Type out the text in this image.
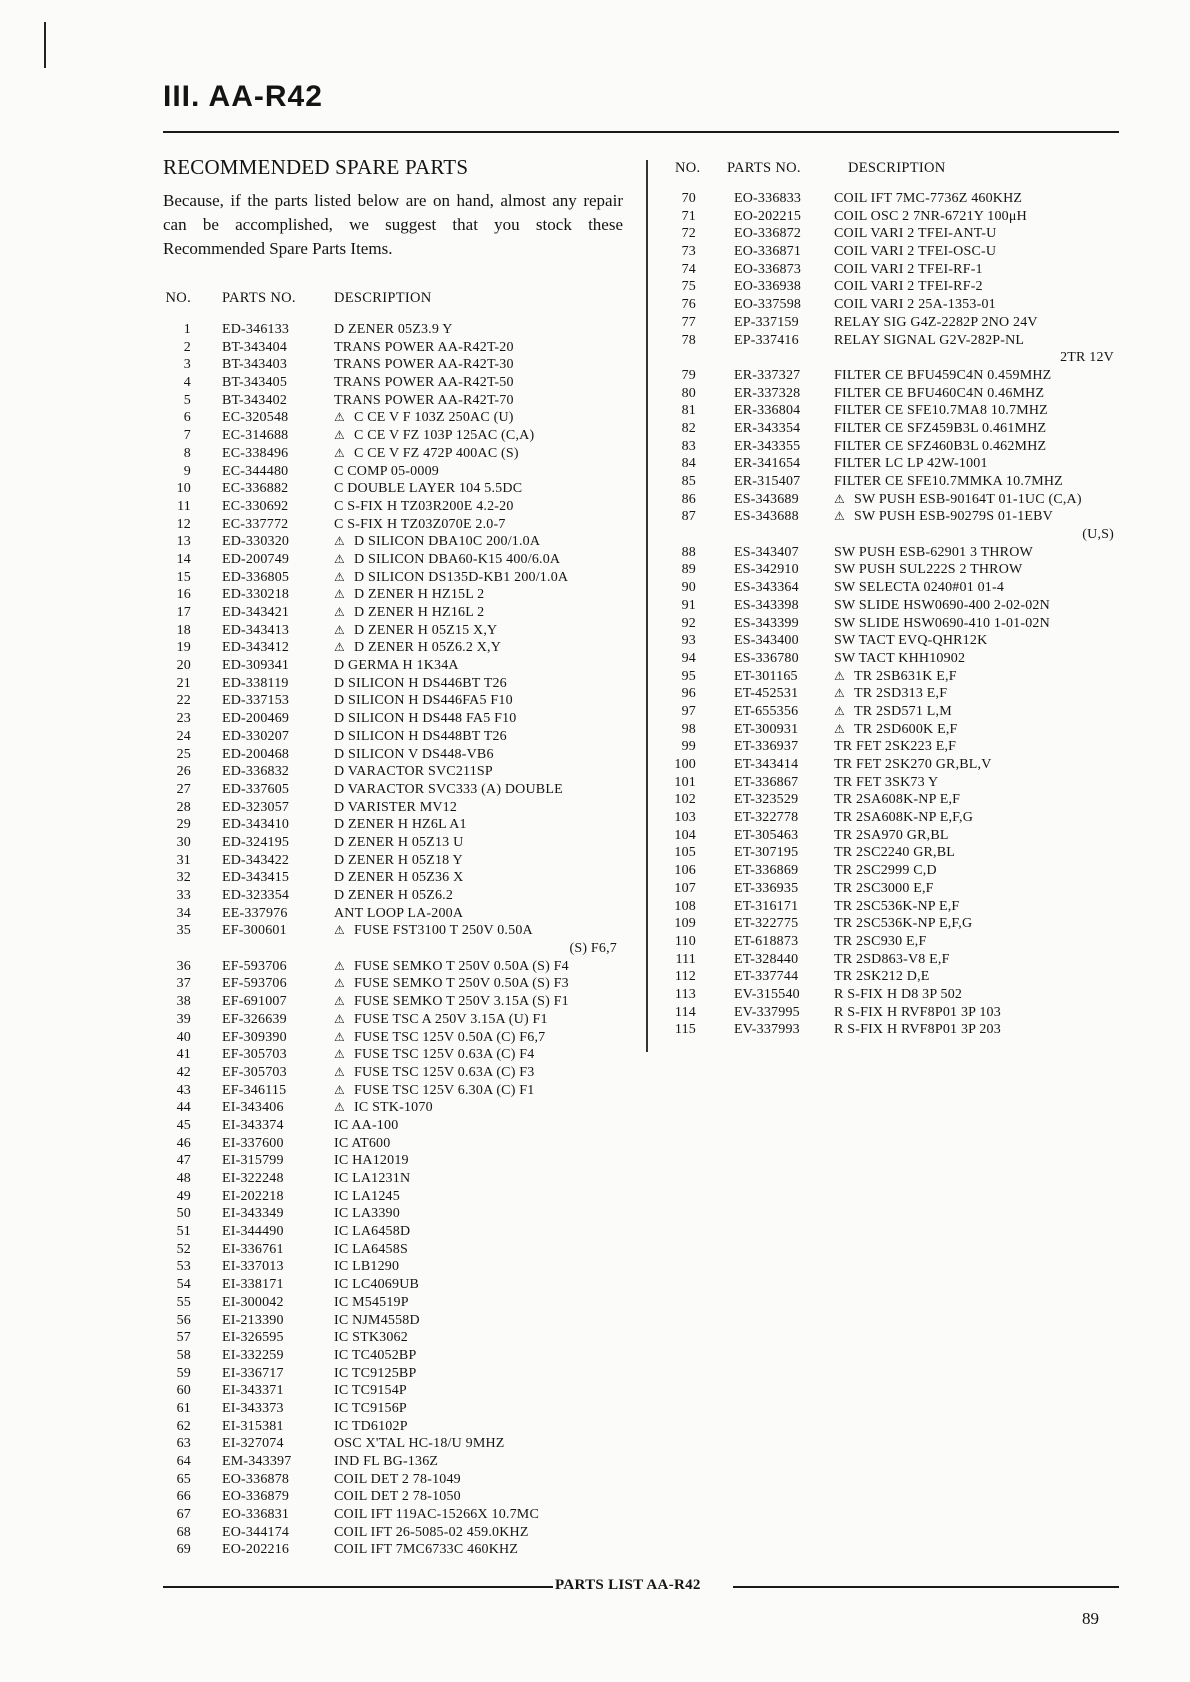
III. AA-R42
RECOMMENDED SPARE PARTS

Because, if the parts listed below are on hand, almost any repair can be accomplished, we suggest that you stock these Recommended Spare Parts Items.

NO.	PARTS NO.	DESCRIPTION
1	ED-346133	D ZENER 05Z3.9 Y
2	BT-343404	TRANS POWER AA-R42T-20
3	BT-343403	TRANS POWER AA-R42T-30
4	BT-343405	TRANS POWER AA-R42T-50
5	BT-343402	TRANS POWER AA-R42T-70
6	EC-320548	⚠ C CE V F 103Z 250AC (U)
7	EC-314688	⚠ C CE V FZ 103P 125AC (C,A)
8	EC-338496	⚠ C CE V FZ 472P 400AC (S)
9	EC-344480	C COMP 05-0009
10	EC-336882	C DOUBLE LAYER 104 5.5DC
11	EC-330692	C S-FIX H TZ03R200E 4.2-20
12	EC-337772	C S-FIX H TZ03Z070E 2.0-7
13	ED-330320	⚠ D SILICON DBA10C 200/1.0A
14	ED-200749	⚠ D SILICON DBA60-K15 400/6.0A
15	ED-336805	⚠ D SILICON DS135D-KB1 200/1.0A
16	ED-330218	⚠ D ZENER H HZ15L 2
17	ED-343421	⚠ D ZENER H HZ16L 2
18	ED-343413	⚠ D ZENER H 05Z15 X,Y
19	ED-343412	⚠ D ZENER H 05Z6.2 X,Y
20	ED-309341	D GERMA H 1K34A
21	ED-338119	D SILICON H DS446BT T26
22	ED-337153	D SILICON H DS446FA5 F10
23	ED-200469	D SILICON H DS448 FA5 F10
24	ED-330207	D SILICON H DS448BT T26
25	ED-200468	D SILICON V DS448-VB6
26	ED-336832	D VARACTOR SVC211SP
27	ED-337605	D VARACTOR SVC333 (A) DOUBLE
28	ED-323057	D VARISTER MV12
29	ED-343410	D ZENER H HZ6L A1
30	ED-324195	D ZENER H 05Z13 U
31	ED-343422	D ZENER H 05Z18 Y
32	ED-343415	D ZENER H 05Z36 X
33	ED-323354	D ZENER H 05Z6.2
34	EE-337976	ANT LOOP LA-200A
35	EF-300601	⚠ FUSE FST3100 T 250V 0.50A
(S) F6,7
36	EF-593706	⚠ FUSE SEMKO T 250V 0.50A (S) F4
37	EF-593706	⚠ FUSE SEMKO T 250V 0.50A (S) F3
38	EF-691007	⚠ FUSE SEMKO T 250V 3.15A (S) F1
39	EF-326639	⚠ FUSE TSC A 250V 3.15A (U) F1
40	EF-309390	⚠ FUSE TSC 125V 0.50A (C) F6,7
41	EF-305703	⚠ FUSE TSC 125V 0.63A (C) F4
42	EF-305703	⚠ FUSE TSC 125V 0.63A (C) F3
43	EF-346115	⚠ FUSE TSC 125V 6.30A (C) F1
44	EI-343406	⚠ IC STK-1070
45	EI-343374	IC AA-100
46	EI-337600	IC AT600
47	EI-315799	IC HA12019
48	EI-322248	IC LA1231N
49	EI-202218	IC LA1245
50	EI-343349	IC LA3390
51	EI-344490	IC LA6458D
52	EI-336761	IC LA6458S
53	EI-337013	IC LB1290
54	EI-338171	IC LC4069UB
55	EI-300042	IC M54519P
56	EI-213390	IC NJM4558D
57	EI-326595	IC STK3062
58	EI-332259	IC TC4052BP
59	EI-336717	IC TC9125BP
60	EI-343371	IC TC9154P
61	EI-343373	IC TC9156P
62	EI-315381	IC TD6102P
63	EI-327074	OSC X'TAL HC-18/U 9MHZ
64	EM-343397	IND FL BG-136Z
65	EO-336878	COIL DET 2 78-1049
66	EO-336879	COIL DET 2 78-1050
67	EO-336831	COIL IFT 119AC-15266X 10.7MC
68	EO-344174	COIL IFT 26-5085-02 459.0KHZ
69	EO-202216	COIL IFT 7MC6733C 460KHZ
NO.	PARTS NO.	DESCRIPTION
70	EO-336833	COIL IFT 7MC-7736Z 460KHZ
71	EO-202215	COIL OSC 2 7NR-6721Y 100μH
72	EO-336872	COIL VARI 2 TFEI-ANT-U
73	EO-336871	COIL VARI 2 TFEI-OSC-U
74	EO-336873	COIL VARI 2 TFEI-RF-1
75	EO-336938	COIL VARI 2 TFEI-RF-2
76	EO-337598	COIL VARI 2 25A-1353-01
77	EP-337159	RELAY SIG G4Z-2282P 2NO 24V
78	EP-337416	RELAY SIGNAL G2V-282P-NL
2TR 12V
79	ER-337327	FILTER CE BFU459C4N 0.459MHZ
80	ER-337328	FILTER CE BFU460C4N 0.46MHZ
81	ER-336804	FILTER CE SFE10.7MA8 10.7MHZ
82	ER-343354	FILTER CE SFZ459B3L 0.461MHZ
83	ER-343355	FILTER CE SFZ460B3L 0.462MHZ
84	ER-341654	FILTER LC LP 42W-1001
85	ER-315407	FILTER CE SFE10.7MMKA 10.7MHZ
86	ES-343689	⚠ SW PUSH ESB-90164T 01-1UC (C,A)
87	ES-343688	⚠ SW PUSH ESB-90279S 01-1EBV
(U,S)
88	ES-343407	SW PUSH ESB-62901 3 THROW
89	ES-342910	SW PUSH SUL222S 2 THROW
90	ES-343364	SW SELECTA 0240#01 01-4
91	ES-343398	SW SLIDE HSW0690-400 2-02-02N
92	ES-343399	SW SLIDE HSW0690-410 1-01-02N
93	ES-343400	SW TACT EVQ-QHR12K
94	ES-336780	SW TACT KHH10902
95	ET-301165	⚠ TR 2SB631K E,F
96	ET-452531	⚠ TR 2SD313 E,F
97	ET-655356	⚠ TR 2SD571 L,M
98	ET-300931	⚠ TR 2SD600K E,F
99	ET-336937	TR FET 2SK223 E,F
100	ET-343414	TR FET 2SK270 GR,BL,V
101	ET-336867	TR FET 3SK73 Y
102	ET-323529	TR 2SA608K-NP E,F
103	ET-322778	TR 2SA608K-NP E,F,G
104	ET-305463	TR 2SA970 GR,BL
105	ET-307195	TR 2SC2240 GR,BL
106	ET-336869	TR 2SC2999 C,D
107	ET-336935	TR 2SC3000 E,F
108	ET-316171	TR 2SC536K-NP E,F
109	ET-322775	TR 2SC536K-NP E,F,G
110	ET-618873	TR 2SC930 E,F
111	ET-328440	TR 2SD863-V8 E,F
112	ET-337744	TR 2SK212 D,E
113	EV-315540	R S-FIX H D8 3P 502
114	EV-337995	R S-FIX H RVF8P01 3P 103
115	EV-337993	R S-FIX H RVF8P01 3P 203
PARTS LIST AA-R42
89
